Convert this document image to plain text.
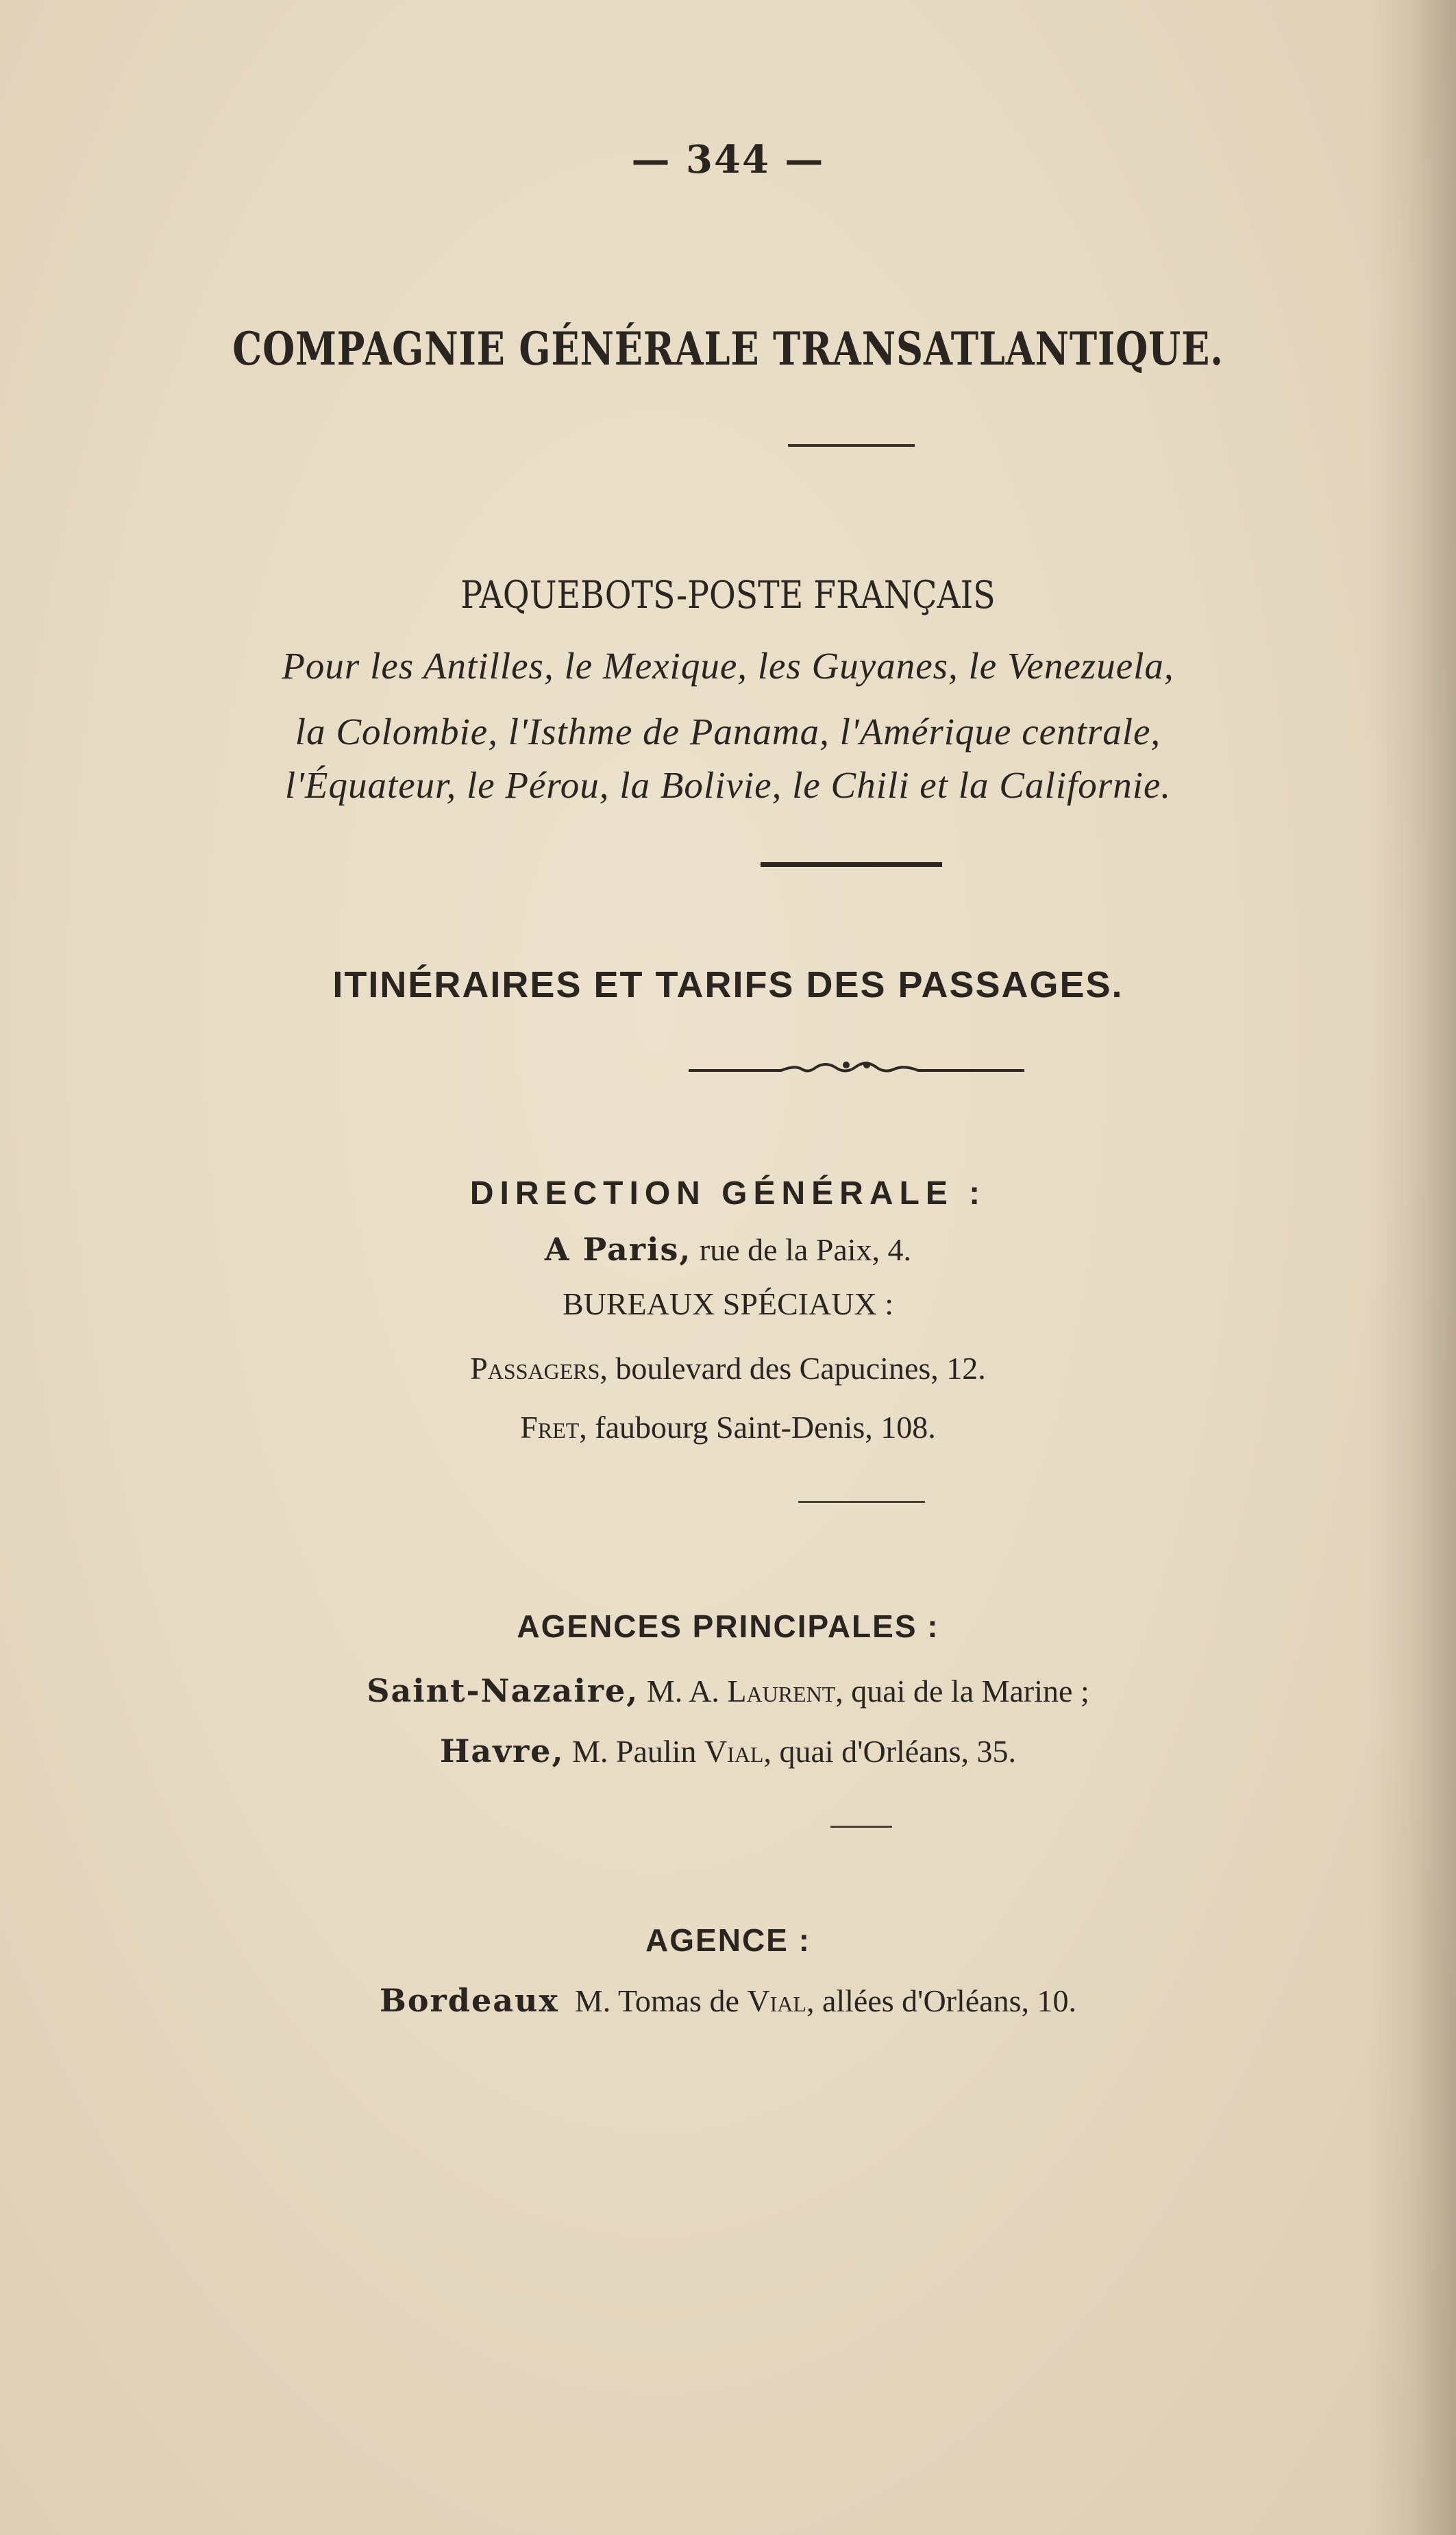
— 344 —
COMPAGNIE GÉNÉRALE TRANSATLANTIQUE.
PAQUEBOTS-POSTE FRANÇAIS
Pour les Antilles, le Mexique, les Guyanes, le Venezuela,
la Colombie, l'Isthme de Panama, l'Amérique centrale,
l'Équateur, le Pérou, la Bolivie, le Chili et la Californie.
ITINÉRAIRES ET TARIFS DES PASSAGES.
DIRECTION GÉNÉRALE :
A Paris, rue de la Paix, 4.
BUREAUX SPÉCIAUX :
Passagers, boulevard des Capucines, 12.
Fret, faubourg Saint-Denis, 108.
AGENCES PRINCIPALES :
Saint-Nazaire, M. A. Laurent, quai de la Marine ;
Havre, M. Paulin Vial, quai d'Orléans, 35.
AGENCE :
Bordeaux  M. Tomas de Vial, allées d'Orléans, 10.
